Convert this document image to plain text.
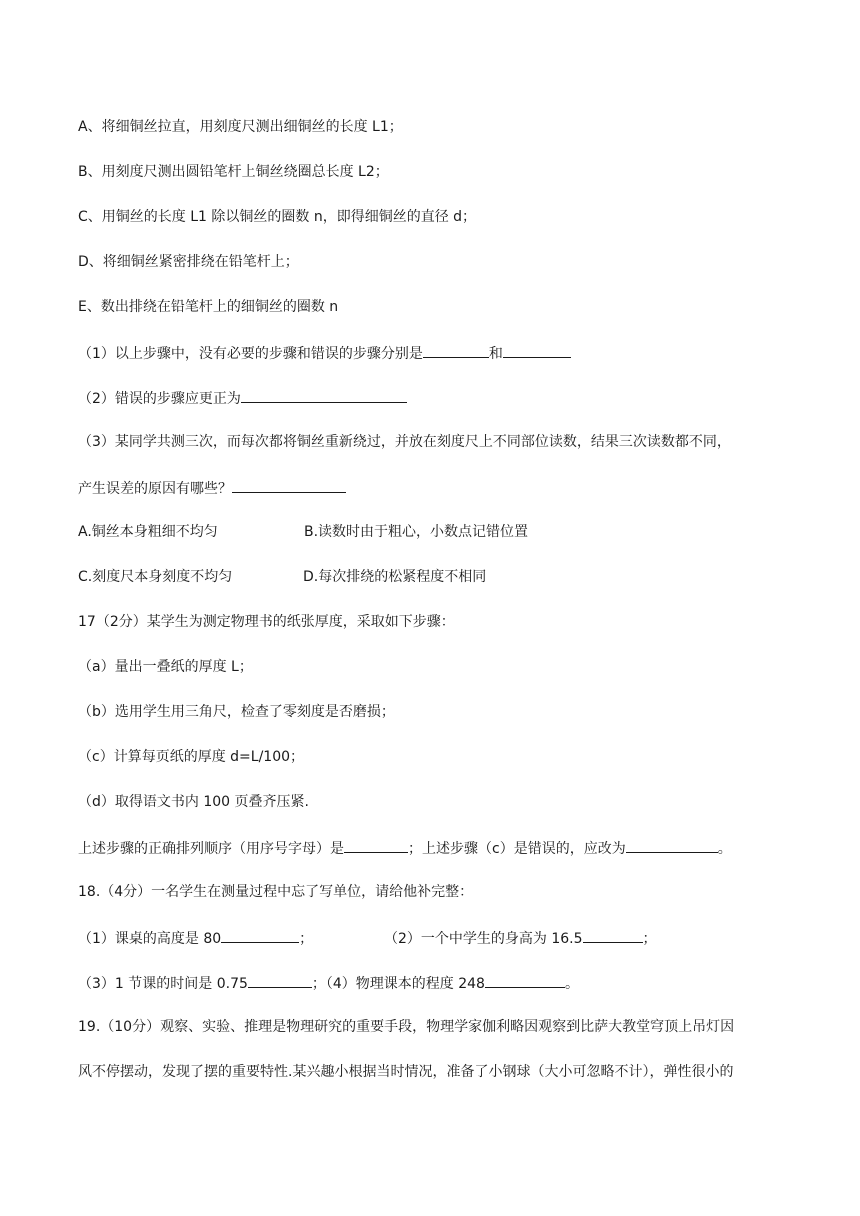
A、将细铜丝拉直，用刻度尺测出细铜丝的长度 L1；
B、用刻度尺测出圆铅笔杆上铜丝绕圈总长度 L2；
C、用铜丝的长度 L1 除以铜丝的圈数 n，即得细铜丝的直径 d；
D、将细铜丝紧密排绕在铅笔杆上；
E、数出排绕在铅笔杆上的细铜丝的圈数 n
（1）以上步骤中，没有必要的步骤和错误的步骤分别是	和
（2）错误的步骤应更正为
（3）某同学共测三次，而每次都将铜丝重新绕过，并放在刻度尺上不同部位读数，结果三次读数都不同，
产生误差的原因有哪些？
A.铜丝本身粗细不均匀	B.读数时由于粗心，小数点记错位置
C.刻度尺本身刻度不均匀	D.每次排绕的松紧程度不相同
17（2分）某学生为测定物理书的纸张厚度，采取如下步骤：
（a）量出一叠纸的厚度 L；
（b）选用学生用三角尺，检查了零刻度是否磨损；
（c）计算每页纸的厚度 d=L/100；
（d）取得语文书内 100 页叠齐压紧.
上述步骤的正确排列顺序（用序号字母）是	；上述步骤（c）是错误的，应改为	。
18.（4分）一名学生在测量过程中忘了写单位，请给他补完整：
（1）课桌的高度是 80	；	（2）一个中学生的身高为 16.5	；
（3）1 节课的时间是 0.75	；（4）物理课本的程度 248	。
19.（10分）观察、实验、推理是物理研究的重要手段，物理学家伽利略因观察到比萨大教堂穹顶上吊灯因
风不停摆动，发现了摆的重要特性.某兴趣小根据当时情况，准备了小钢球（大小可忽略不计），弹性很小的
